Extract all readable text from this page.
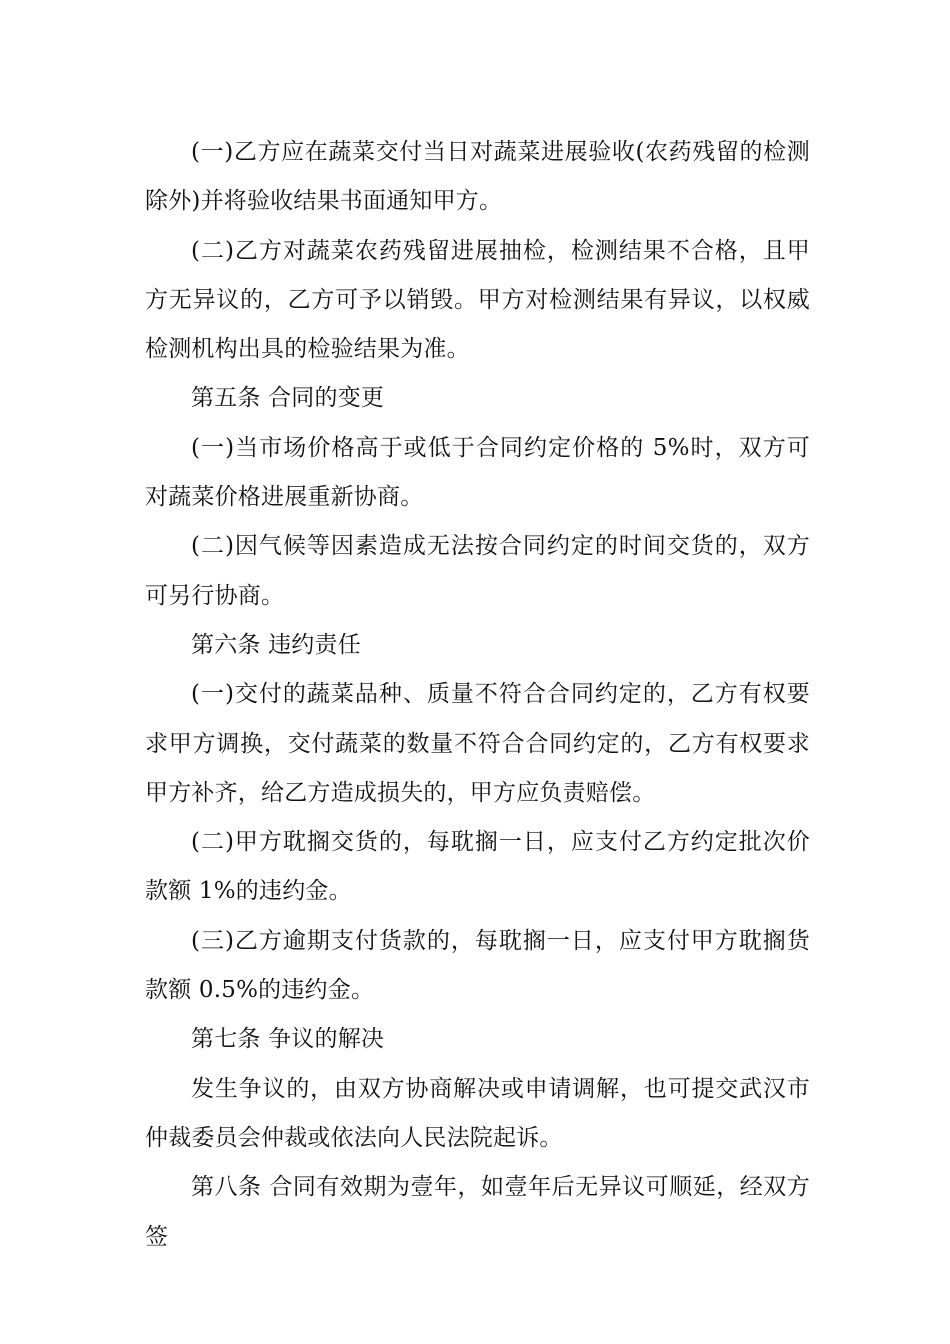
(一)乙方应在蔬菜交付当日对蔬菜进展验收(农药残留的检测除外)并将验收结果书面通知甲方。

(二)乙方对蔬菜农药残留进展抽检，检测结果不合格，且甲方无异议的，乙方可予以销毁。甲方对检测结果有异议，以权威检测机构出具的检验结果为准。

第五条 合同的变更

(一)当市场价格高于或低于合同约定价格的 5%时，双方可对蔬菜价格进展重新协商。

(二)因气候等因素造成无法按合同约定的时间交货的，双方可另行协商。

第六条 违约责任

(一)交付的蔬菜品种、质量不符合合同约定的，乙方有权要求甲方调换，交付蔬菜的数量不符合合同约定的，乙方有权要求甲方补齐，给乙方造成损失的，甲方应负责赔偿。

(二)甲方耽搁交货的，每耽搁一日，应支付乙方约定批次价款额 1%的违约金。

(三)乙方逾期支付货款的，每耽搁一日，应支付甲方耽搁货款额 0.5%的违约金。

第七条 争议的解决

发生争议的，由双方协商解决或申请调解，也可提交武汉市仲裁委员会仲裁或依法向人民法院起诉。

第八条 合同有效期为壹年，如壹年后无异议可顺延，经双方签
